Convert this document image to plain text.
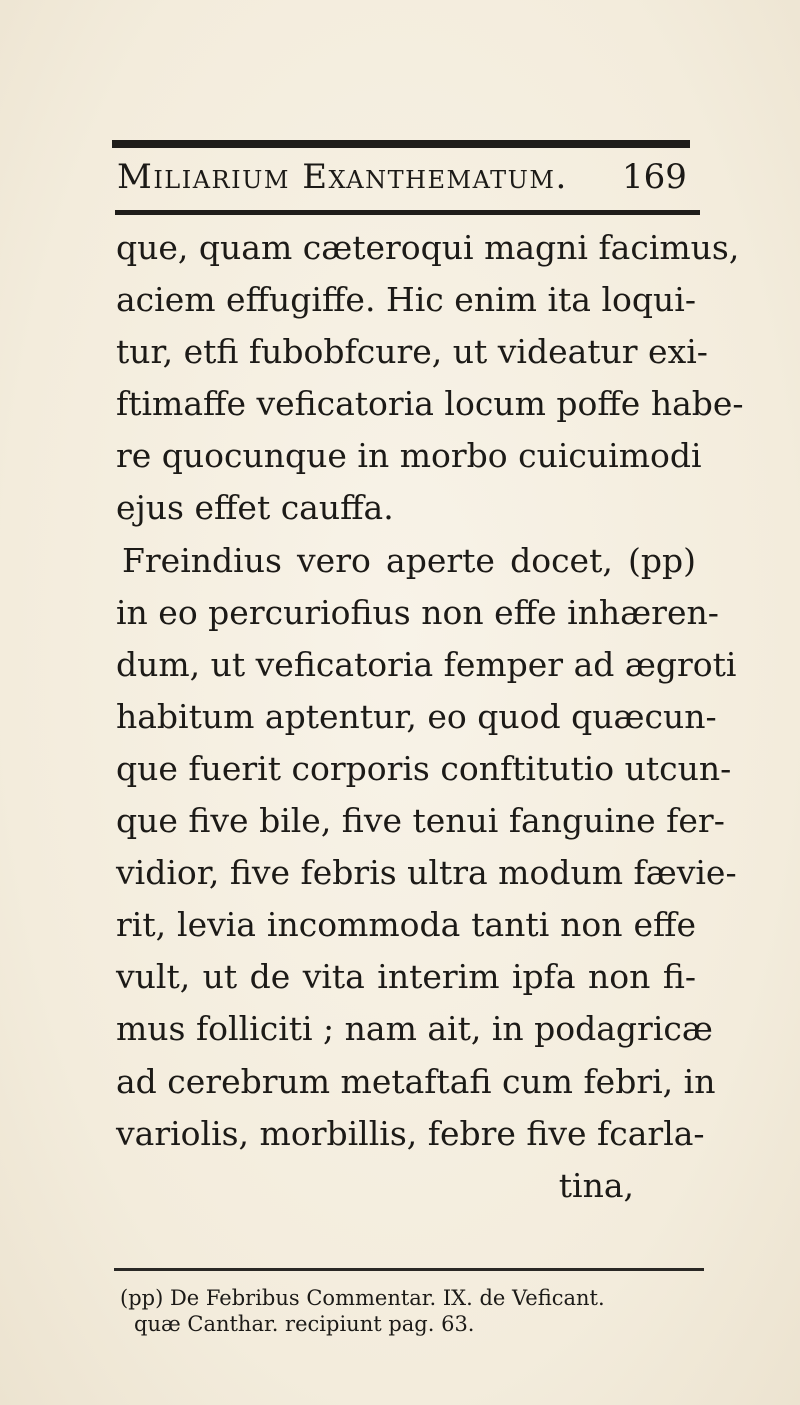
Miliarium Exanthematum. 169
que, quam cæteroqui magni facimus,
aciem effugiffe. Hic enim ita loqui-
tur, etfi fubobfcure, ut videatur exi-
ftimaffe veficatoria locum poffe habe-
re quocunque in morbo cuicuimodi
ejus effet cauffa.
Freindius vero aperte docet, (pp)
in eo percuriofius non effe inhæren-
dum, ut veficatoria femper ad ægroti
habitum aptentur, eo quod quæcun-
que fuerit corporis conftitutio utcun-
que five bile, five tenui fanguine fer-
vidior, five febris ultra modum fævie-
rit, levia incommoda tanti non effe
vult, ut de vita interim ipfa non fi-
mus folliciti ; nam ait, in podagricæ
ad cerebrum metaftafi cum febri, in
variolis, morbillis, febre five fcarla-
tina,
(pp) De Febribus Commentar. IX. de Veficant.
quæ Canthar. recipiunt pag. 63.
